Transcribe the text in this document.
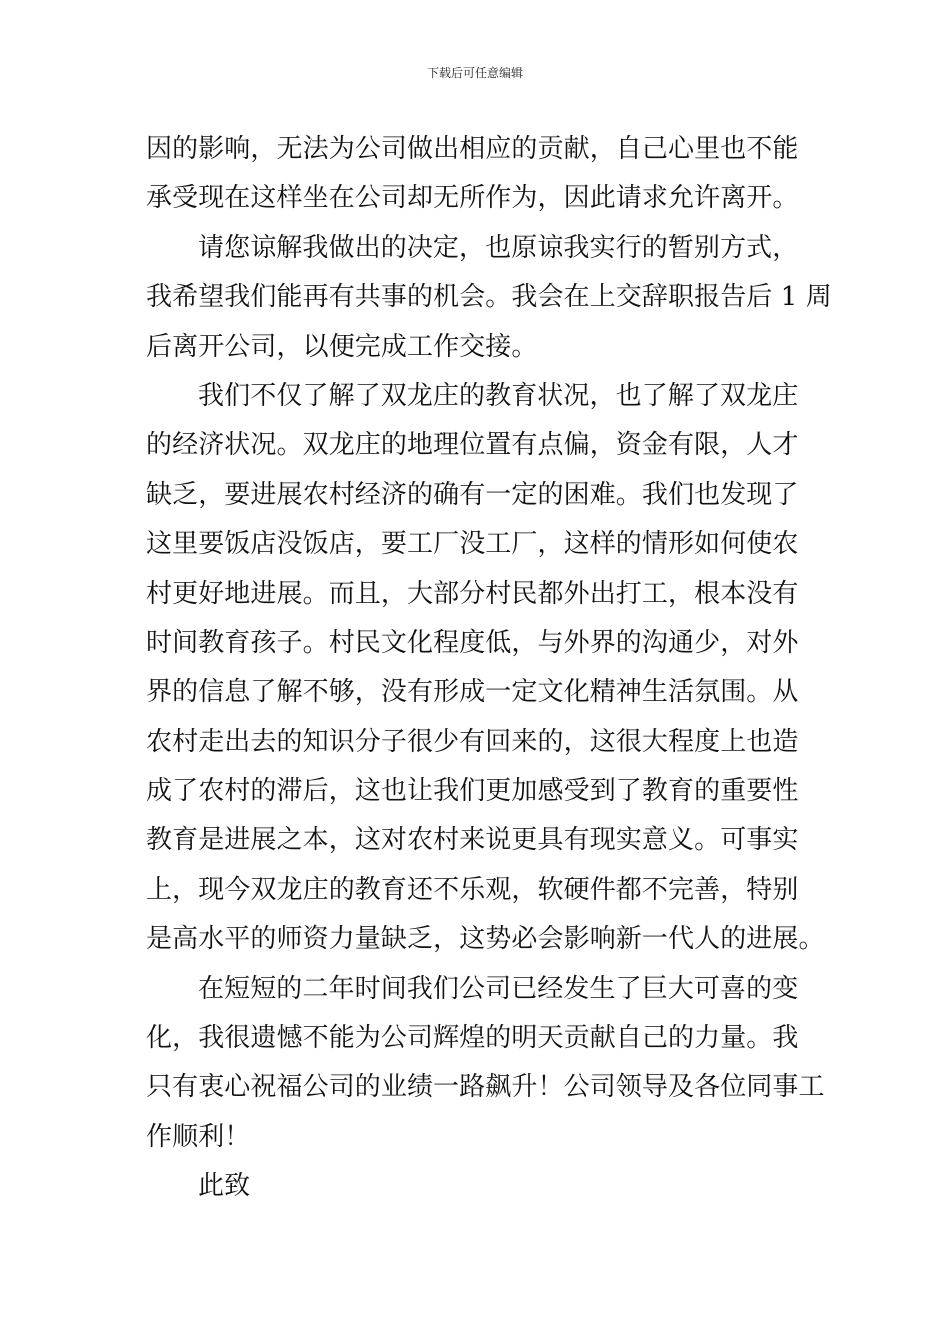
下载后可任意编辑
因的影响，无法为公司做出相应的贡献，自己心里也不能
承受现在这样坐在公司却无所作为，因此请求允许离开。
请您谅解我做出的决定，也原谅我实行的暂别方式，
我希望我们能再有共事的机会。我会在上交辞职报告后 1 周
后离开公司，以便完成工作交接。
我们不仅了解了双龙庄的教育状况，也了解了双龙庄
的经济状况。双龙庄的地理位置有点偏，资金有限，人才
缺乏，要进展农村经济的确有一定的困难。我们也发现了
这里要饭店没饭店，要工厂没工厂，这样的情形如何使农
村更好地进展。而且，大部分村民都外出打工，根本没有
时间教育孩子。村民文化程度低，与外界的沟通少，对外
界的信息了解不够，没有形成一定文化精神生活氛围。从
农村走出去的知识分子很少有回来的，这很大程度上也造
成了农村的滞后，这也让我们更加感受到了教育的重要性
教育是进展之本，这对农村来说更具有现实意义。可事实
上，现今双龙庄的教育还不乐观，软硬件都不完善，特别
是高水平的师资力量缺乏，这势必会影响新一代人的进展。
在短短的二年时间我们公司已经发生了巨大可喜的变
化，我很遗憾不能为公司辉煌的明天贡献自己的力量。我
只有衷心祝福公司的业绩一路飙升！公司领导及各位同事工
作顺利！
此致
